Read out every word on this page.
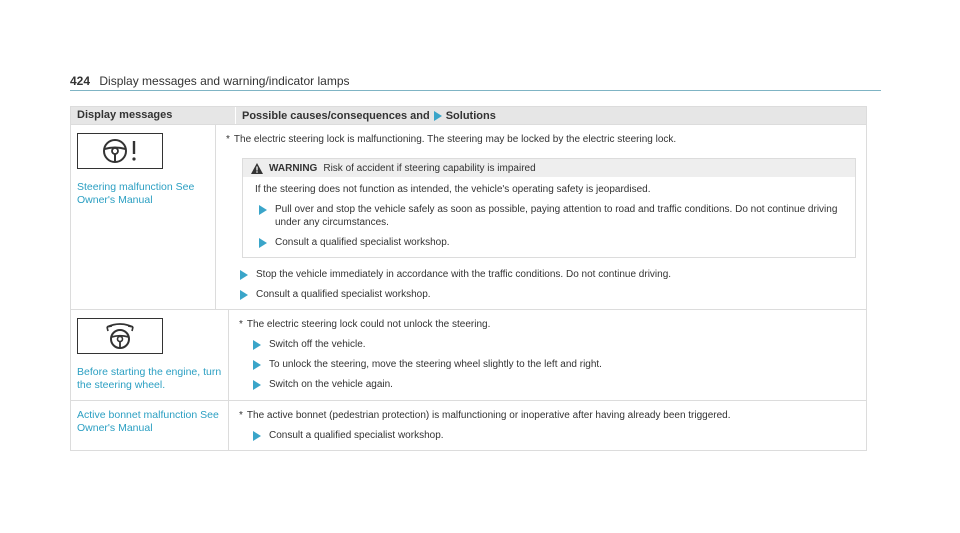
424 Display messages and warning/indicator lamps
Display messages	Possible causes/consequences and Solutions
Steering malfunction See Owner's Manual
* The electric steering lock is malfunctioning. The steering may be locked by the electric steering lock.
WARNING Risk of accident if steering capability is impaired
If the steering does not function as intended, the vehicle's operating safety is jeopardised.
Pull over and stop the vehicle safely as soon as possible, paying attention to road and traffic conditions. Do not continue driving under any circumstances.
Consult a qualified specialist workshop.
Stop the vehicle immediately in accordance with the traffic conditions. Do not continue driving.
Consult a qualified specialist workshop.
Before starting the engine, turn the steering wheel.
* The electric steering lock could not unlock the steering.
Switch off the vehicle.
To unlock the steering, move the steering wheel slightly to the left and right.
Switch on the vehicle again.
Active bonnet malfunction See Owner's Manual
* The active bonnet (pedestrian protection) is malfunctioning or inoperative after having already been triggered.
Consult a qualified specialist workshop.
